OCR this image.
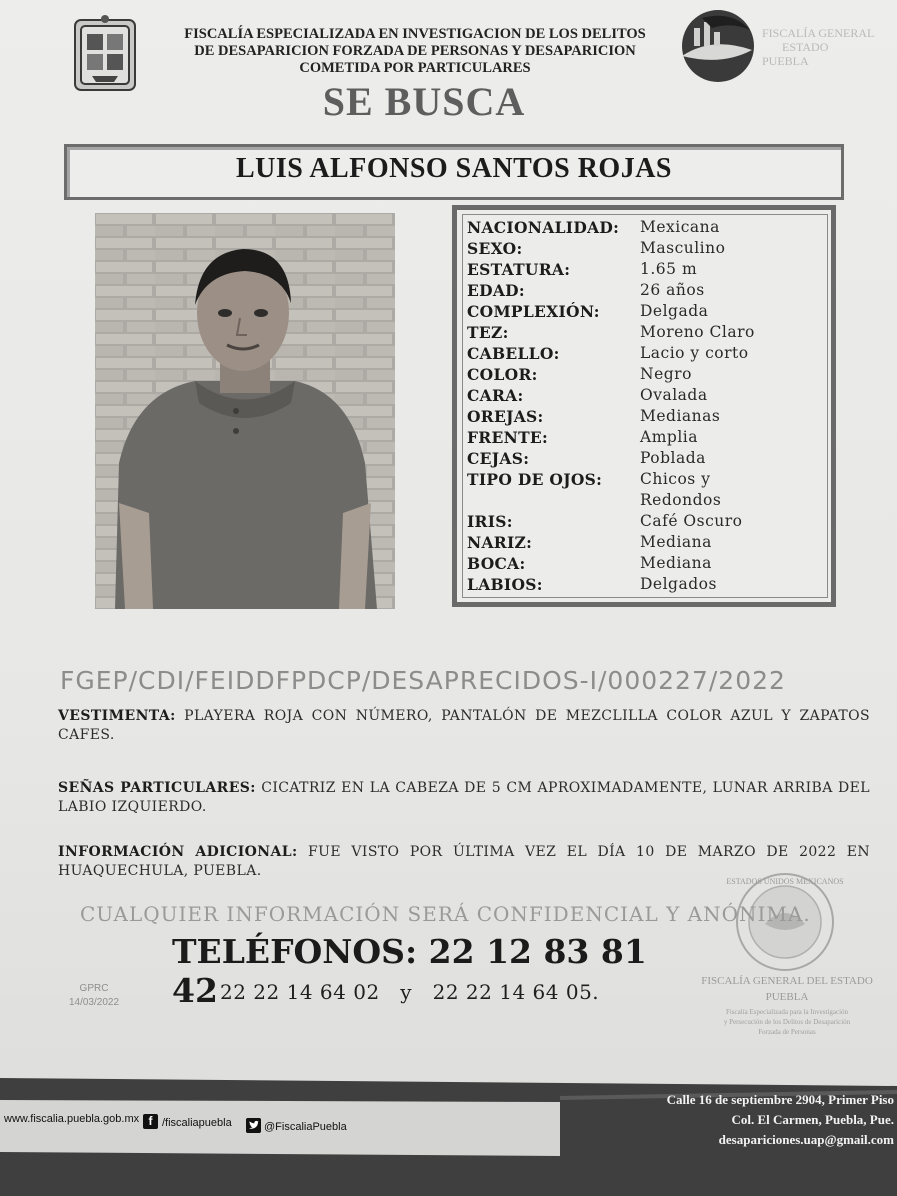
FISCALÍA ESPECIALIZADA EN INVESTIGACION DE LOS DELITOS
DE DESAPARICION FORZADA DE PERSONAS Y DESAPARICION
COMETIDA POR PARTICULARES
FISCALÍA GENERAL
ESTADO
PUEBLA
SE BUSCA
LUIS ALFONSO SANTOS ROJAS
NACIONALIDAD: Mexicana
SEXO:	Masculino
ESTATURA:	1.65 m
EDAD:	26 años
COMPLEXIÓN:	Delgada
TEZ:	Moreno Claro
CABELLO:	Lacio y corto
COLOR:	Negro
CARA:	Ovalada
OREJAS:	Medianas
FRENTE:	Amplia
CEJAS:	Poblada
TIPO DE OJOS: Chicos y
Redondos
IRIS:	Café Oscuro
NARIZ:	Mediana
BOCA:	Mediana
LABIOS:	Delgados
FGEP/CDI/FEIDDFPDCP/DESAPRECIDOS-I/000227/2022
VESTIMENTA: PLAYERA ROJA CON NÚMERO, PANTALÓN DE MEZCLILLA COLOR AZUL Y ZAPATOS CAFES.
SEÑAS PARTICULARES: CICATRIZ EN LA CABEZA DE 5 CM APROXIMADAMENTE, LUNAR ARRIBA DEL LABIO IZQUIERDO.
INFORMACIÓN ADICIONAL: FUE VISTO POR ÚLTIMA VEZ EL DÍA 10 DE MARZO DE 2022 EN HUAQUECHULA, PUEBLA.
ESTADOS UNIDOS MEXICANOS
FISCALÍA GENERAL DEL ESTADO
PUEBLA
Fiscalía Especializada para la Investigación
y Persecución de los Delitos de Desaparición
Forzada de Personas
CUALQUIER INFORMACIÓN SERÁ CONFIDENCIAL Y ANÓNIMA.
TELÉFONOS: 22 12 83 81 42 22 22 14 64 02   y   22 22 14 64 05.
GPRC
14/03/2022
www.fiscalia.puebla.gob.mx f /fiscaliapuebla	@FiscaliaPuebla
Calle 16 de septiembre 2904, Primer Piso
Col. El Carmen, Puebla, Pue.
desapariciones.uap@gmail.com
